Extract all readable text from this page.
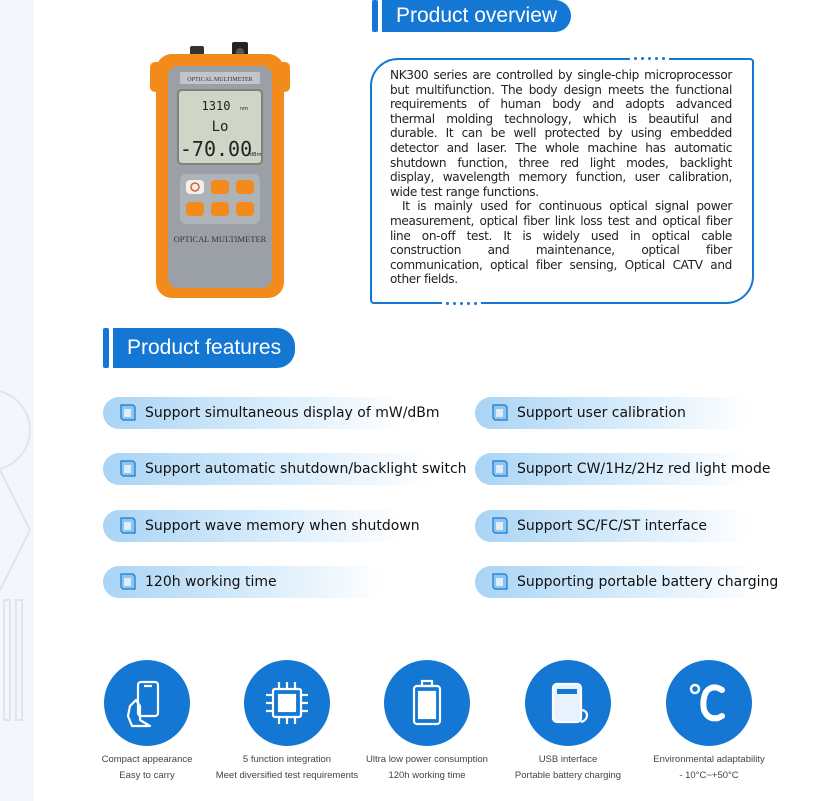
OPTICAL MULTIMETER
1310 nm
Lo
-70.00
dBm
OPTICAL MULTIMETER
Product overview

NK300 series are controlled by single-chip microprocessor but multifunction. The body design meets the functional requirements of human body and adopts advanced thermal molding technology, which is beautiful and durable. It can be well protected by using embedded detector and laser. The whole machine has automatic shutdown function, three red light modes, backlight display, wavelength memory function, user calibration, wide test range functions.

It is mainly used for continuous optical signal power measurement, optical fiber link loss test and optical fiber line on-off test. It is widely used in optical cable construction and maintenance, optical fiber communication, optical fiber sensing, Optical CATV and other fields.

Product features
Support simultaneous display of mW/dBm	Support user calibration
Support automatic shutdown/backlight switch	Support CW/1Hz/2Hz red light mode
Support wave memory when shutdown	Support SC/FC/ST interface
120h working time	Supporting portable battery charging
Compact appearance
Easy to carry
5 function integration
Meet diversified test requirements
Ultra low power consumption
120h working time
USB interface
Portable battery charging
Environmental adaptability
- 10°C~+50°C
